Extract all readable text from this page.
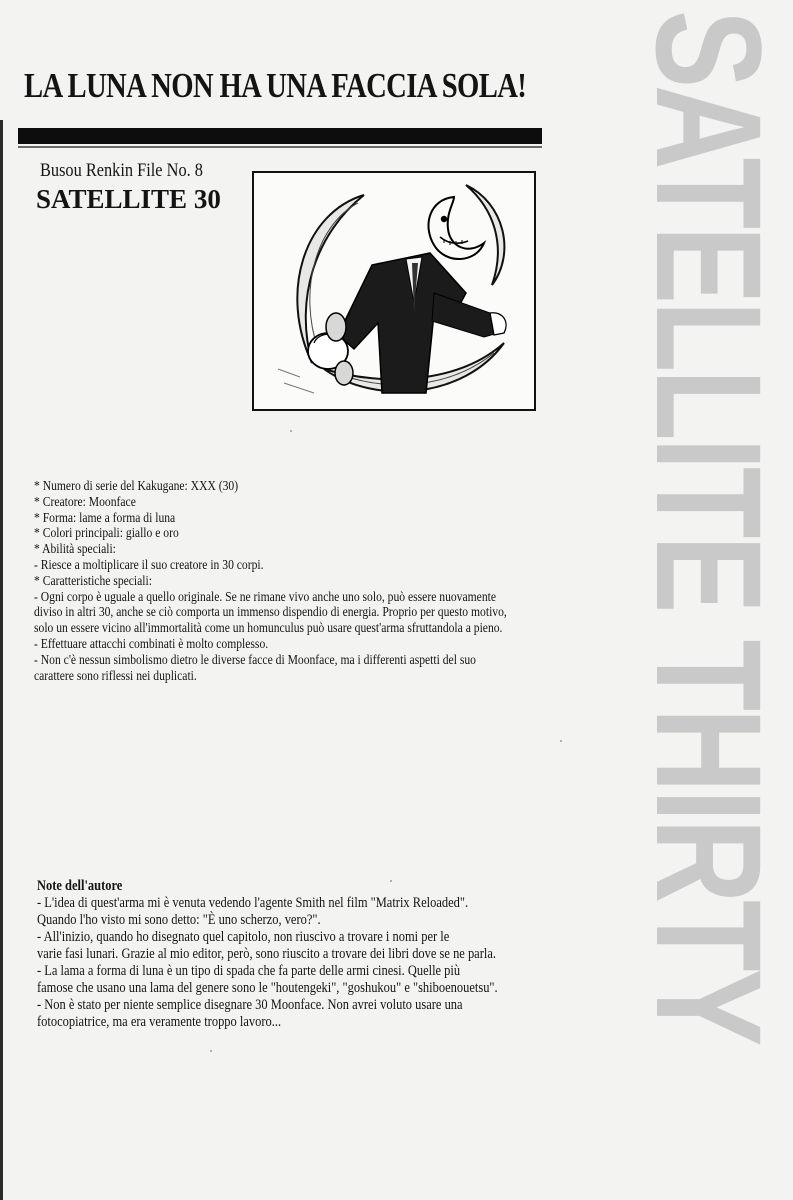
LA LUNA NON HA UNA FACCIA SOLA!
Busou Renkin File No. 8
SATELLITE 30
* Numero di serie del Kakugane: XXX (30)
* Creatore: Moonface
* Forma: lame a forma di luna
* Colori principali: giallo e oro
* Abilità speciali:
- Riesce a moltiplicare il suo creatore in 30 corpi.
* Caratteristiche speciali:
- Ogni corpo è uguale a quello originale. Se ne rimane vivo anche uno solo, può essere nuovamente
diviso in altri 30, anche se ciò comporta un immenso dispendio di energia. Proprio per questo motivo,
solo un essere vicino all'immortalità come un homunculus può usare quest'arma sfruttandola a pieno.
- Effettuare attacchi combinati è molto complesso.
- Non c'è nessun simbolismo dietro le diverse facce di Moonface, ma i differenti aspetti del suo
carattere sono riflessi nei duplicati.
Note dell'autore
- L'idea di quest'arma mi è venuta vedendo l'agente Smith nel film "Matrix Reloaded".
Quando l'ho visto mi sono detto: "È uno scherzo, vero?".
- All'inizio, quando ho disegnato quel capitolo, non riuscivo a trovare i nomi per le
varie fasi lunari. Grazie al mio editor, però, sono riuscito a trovare dei libri dove se ne parla.
- La lama a forma di luna è un tipo di spada che fa parte delle armi cinesi. Quelle più
famose che usano una lama del genere sono le "houtengeki", "goshukou" e "shiboenouetsu".
- Non è stato per niente semplice disegnare 30 Moonface. Non avrei voluto usare una
fotocopiatrice, ma era veramente troppo lavoro...	SATELLITE THIRTY
